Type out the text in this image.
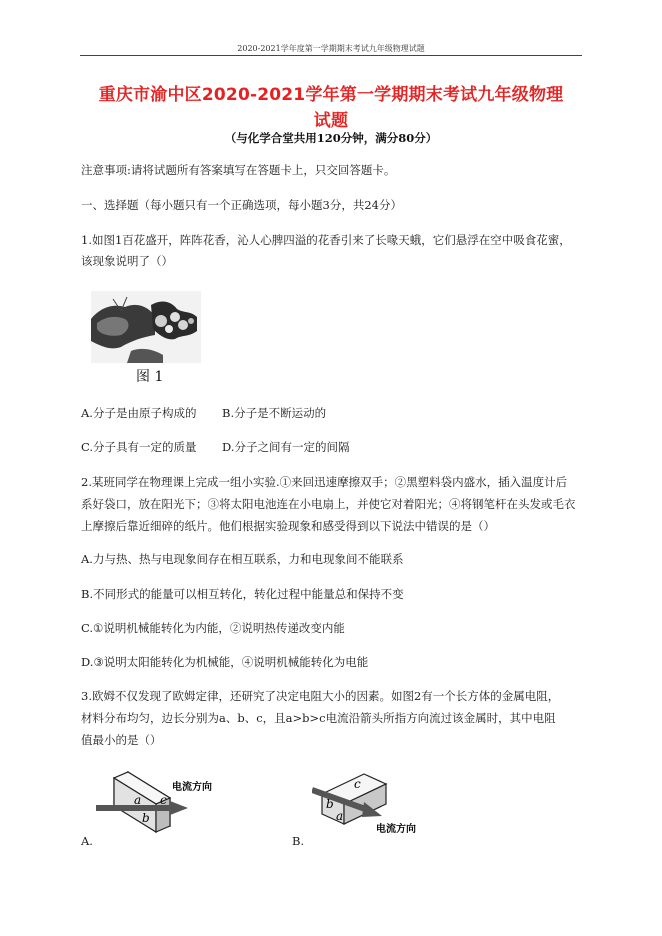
2020-2021学年度第一学期期末考试九年级物理试题
重庆市渝中区2020-2021学年第一学期期末考试九年级物理
试题
（与化学合堂共用120分钟，满分80分）
注意事项:请将试题所有答案填写在答题卡上，只交回答题卡。
一、选择题（每小题只有一个正确选项，每小题3分，共24分）
1.如图1百花盛开，阵阵花香，沁人心脾四溢的花香引来了长喙天蛾，它们悬浮在空中吸食花蜜，
该现象说明了（）
图 1
A.分子是由原子构成的 B.分子是不断运动的
C.分子具有一定的质量 D.分子之间有一定的间隔
2.某班同学在物理课上完成一组小实验.①来回迅速摩擦双手；②黑塑料袋内盛水，插入温度计后
系好袋口，放在阳光下；③将太阳电池连在小电扇上，并使它对着阳光；④将钢笔杆在头发或毛衣
上摩擦后靠近细碎的纸片。他们根据实验现象和感受得到以下说法中错误的是（）
A.力与热、热与电现象间存在相互联系，力和电现象间不能联系
B.不同形式的能量可以相互转化，转化过程中能量总和保持不变
C.①说明机械能转化为内能，②说明热传递改变内能
D.③说明太阳能转化为机械能，④说明机械能转化为电能
3.欧姆不仅发现了欧姆定律，还研究了决定电阻大小的因素。如图2有一个长方体的金属电阻，
材料分布均匀，边长分别为a、b、c，且a>b>c电流沿箭头所指方向流过该金属时，其中电阻
值最小的是（）
a
b
c
电流方向
A.
b
a
c
电流方向
B.
